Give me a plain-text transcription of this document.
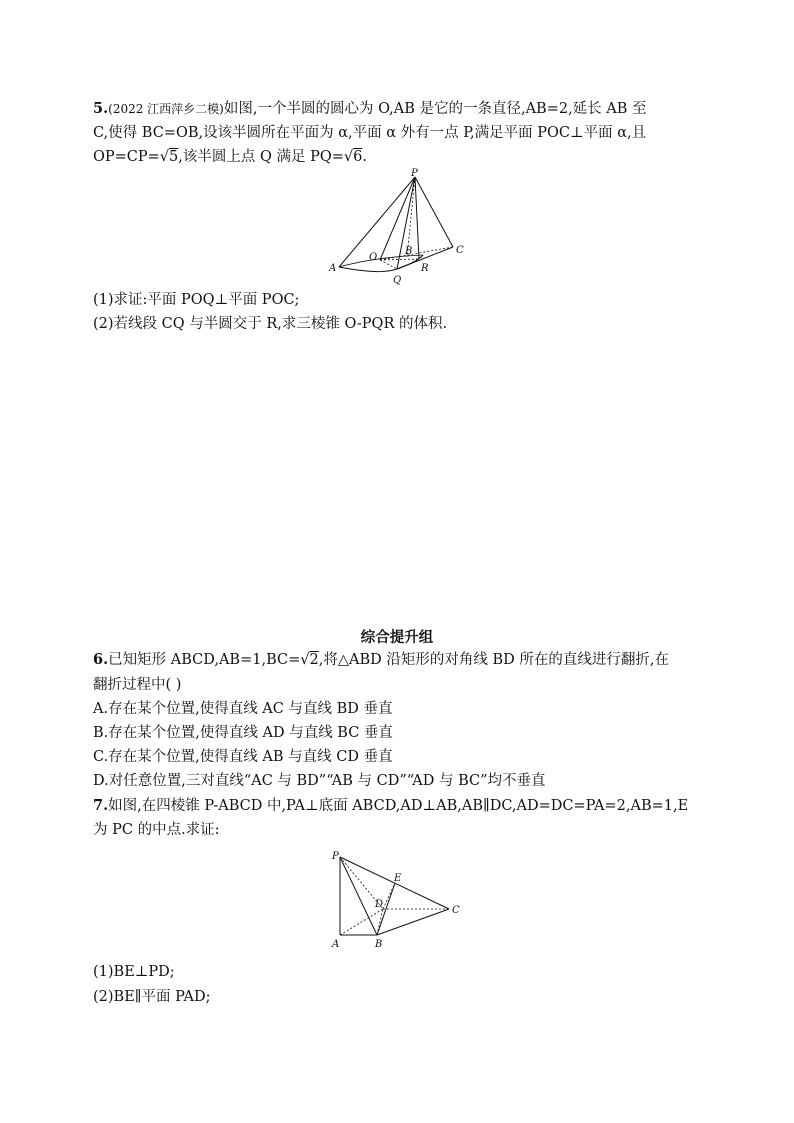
5.(2022 江西萍乡二模)如图,一个半圆的圆心为 O,AB 是它的一条直径,AB=2,延长 AB 至
C,使得 BC=OB,设该半圆所在平面为 α,平面 α 外有一点 P,满足平面 POC⊥平面 α,且
OP=CP=√5,该半圆上点 Q 满足 PQ=√6.
P
O
B	C
A
Q
R
(1)求证:平面 POQ⊥平面 POC;
(2)若线段 CQ 与半圆交于 R,求三棱锥 O-PQR 的体积.
综合提升组
6.已知矩形 ABCD,AB=1,BC=√2,将△ABD 沿矩形的对角线 BD 所在的直线进行翻折,在
翻折过程中( )
A.存在某个位置,使得直线 AC 与直线 BD 垂直
B.存在某个位置,使得直线 AD 与直线 BC 垂直
C.存在某个位置,使得直线 AB 与直线 CD 垂直
D.对任意位置,三对直线“AC 与 BD”“AB 与 CD”“AD 与 BC”均不垂直
7.如图,在四棱锥 P-ABCD 中,PA⊥底面 ABCD,AD⊥AB,AB∥DC,AD=DC=PA=2,AB=1,E
为 PC 的中点.求证:
P
E
D
C
A	B
(1)BE⊥PD;
(2)BE∥平面 PAD;
